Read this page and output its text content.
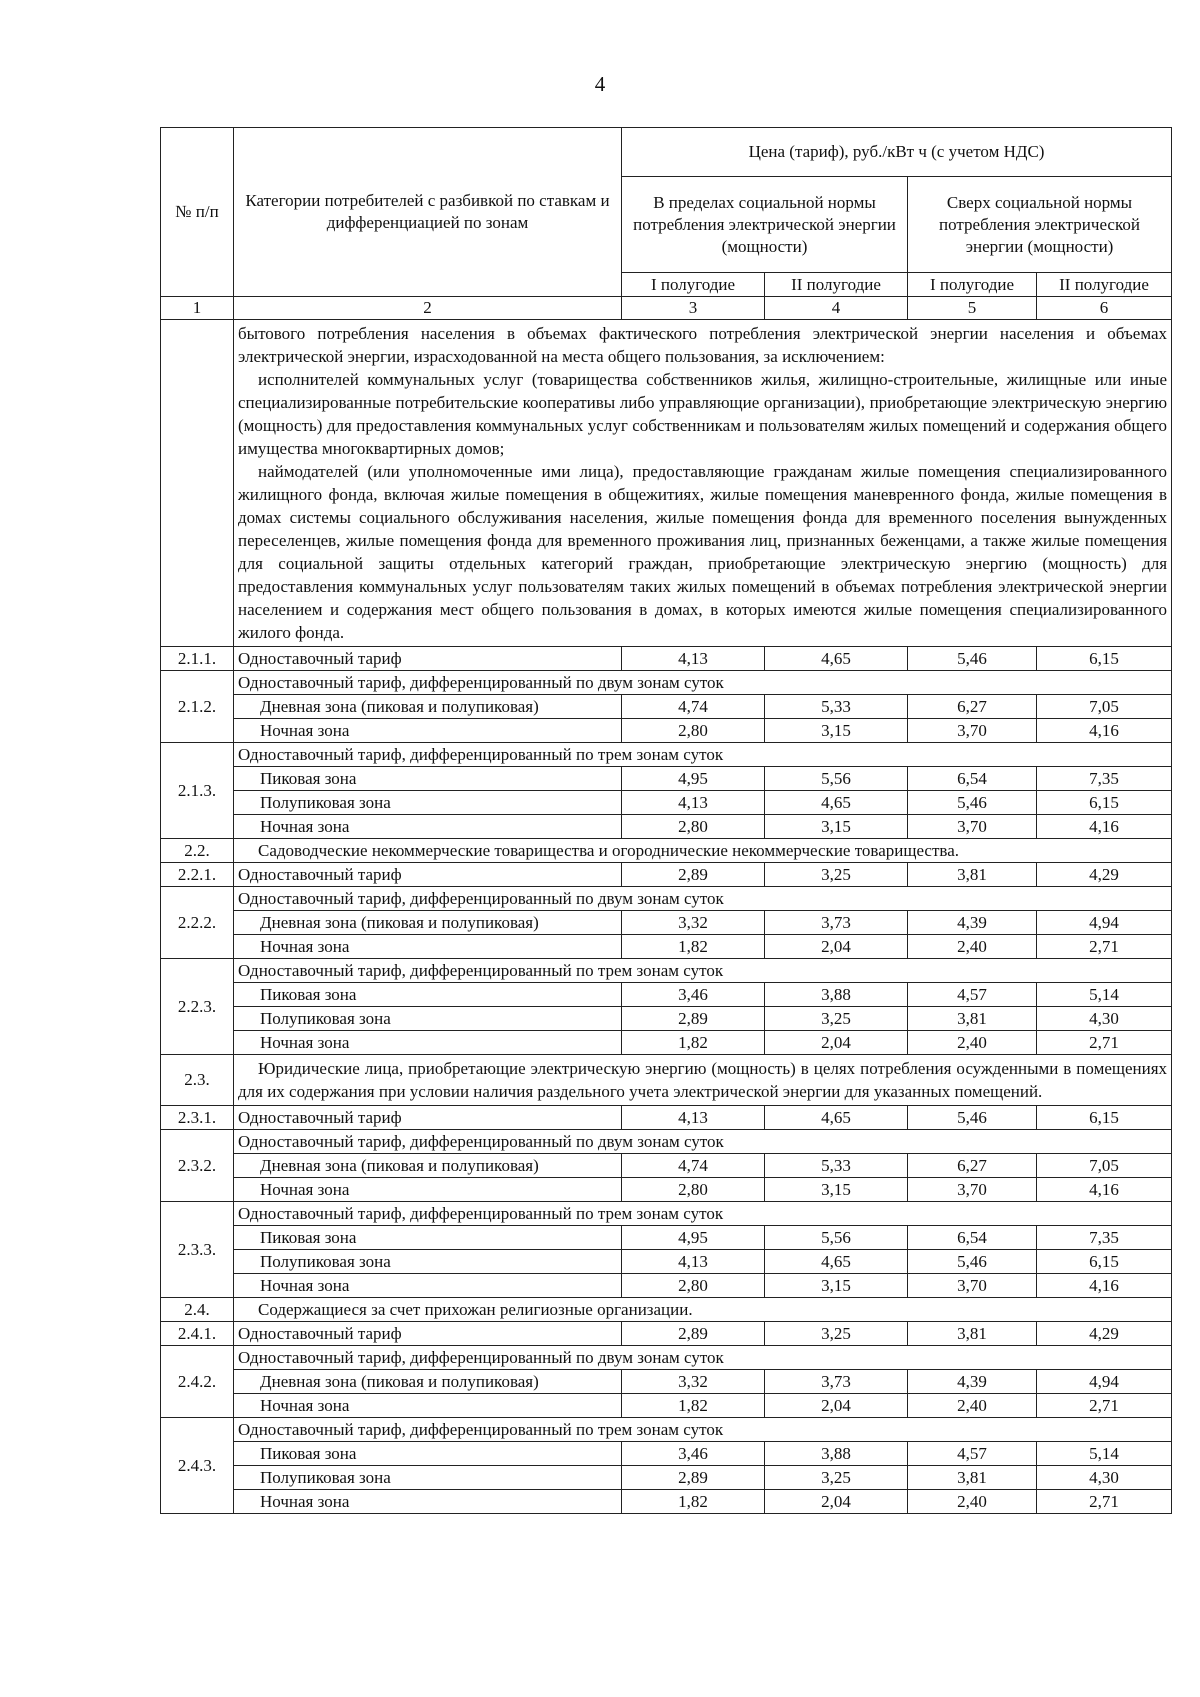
4
№ п/п	Категории потребителей с разбивкой по ставкам и дифференциацией по зонам	Цена (тариф), руб./кВт ч (с учетом НДС)			
		В пределах социальной нормы потребления электрической энергии (мощности)		Сверх социальной нормы потребления электрической энергии (мощности)	
		I полугодие	II полугодие	I полугодие	II полугодие
1	2	3	4	5	6

	бытового потребления населения в объемах фактического потребления электрической энергии населения и объемах электрической энергии, израсходованной на места общего пользования, за исключением:

исполнителей коммунальных услуг (товарищества собственников жилья, жилищно-строительные, жилищные или иные специализированные потребительские кооперативы либо управляющие организации), приобретающие электрическую энергию (мощность) для предоставления коммунальных услуг собственникам и пользователям жилых помещений и содержания общего имущества многоквартирных домов;

наймодателей (или уполномоченные ими лица), предоставляющие гражданам жилые помещения специализированного жилищного фонда, включая жилые помещения в общежитиях, жилые помещения маневренного фонда, жилые помещения в домах системы социального обслуживания населения, жилые помещения фонда для временного поселения вынужденных переселенцев, жилые помещения фонда для временного проживания лиц, признанных беженцами, а также жилые помещения для социальной защиты отдельных категорий граждан, приобретающие электрическую энергию (мощность) для предоставления коммунальных услуг пользователям таких жилых помещений в объемах потребления электрической энергии населением и содержания мест общего пользования в домах, в которых имеются жилые помещения специализированного жилого фонда.				

2.1.1.	Одноставочный тариф	4,13	4,65	5,46	6,15
2.1.2.	Одноставочный тариф, дифференцированный по двум зонам суток				
	Дневная зона (пиковая и полупиковая)	4,74	5,33	6,27	7,05
	Ночная зона	2,80	3,15	3,70	4,16
2.1.3.	Одноставочный тариф, дифференцированный по трем зонам суток				
	Пиковая зона	4,95	5,56	6,54	7,35
	Полупиковая зона	4,13	4,65	5,46	6,15
	Ночная зона	2,80	3,15	3,70	4,16
2.2.	Садоводческие некоммерческие товарищества и огороднические некоммерческие товарищества.				

2.2.1.	Одноставочный тариф	2,89	3,25	3,81	4,29
2.2.2.	Одноставочный тариф, дифференцированный по двум зонам суток				
	Дневная зона (пиковая и полупиковая)	3,32	3,73	4,39	4,94
	Ночная зона	1,82	2,04	2,40	2,71
2.2.3.	Одноставочный тариф, дифференцированный по трем зонам суток				
	Пиковая зона	3,46	3,88	4,57	5,14
	Полупиковая зона	2,89	3,25	3,81	4,30
	Ночная зона	1,82	2,04	2,40	2,71
2.3.	Юридические лица, приобретающие электрическую энергию (мощность) в целях потребления осужденными в помещениях для их содержания при условии наличия раздельного учета электрической энергии для указанных помещений.				

2.3.1.	Одноставочный тариф	4,13	4,65	5,46	6,15
2.3.2.	Одноставочный тариф, дифференцированный по двум зонам суток				
	Дневная зона (пиковая и полупиковая)	4,74	5,33	6,27	7,05
	Ночная зона	2,80	3,15	3,70	4,16
2.3.3.	Одноставочный тариф, дифференцированный по трем зонам суток				
	Пиковая зона	4,95	5,56	6,54	7,35
	Полупиковая зона	4,13	4,65	5,46	6,15
	Ночная зона	2,80	3,15	3,70	4,16
2.4.	Содержащиеся за счет прихожан религиозные организации.				

2.4.1.	Одноставочный тариф	2,89	3,25	3,81	4,29
2.4.2.	Одноставочный тариф, дифференцированный по двум зонам суток				
	Дневная зона (пиковая и полупиковая)	3,32	3,73	4,39	4,94
	Ночная зона	1,82	2,04	2,40	2,71
2.4.3.	Одноставочный тариф, дифференцированный по трем зонам суток				
	Пиковая зона	3,46	3,88	4,57	5,14
	Полупиковая зона	2,89	3,25	3,81	4,30
	Ночная зона	1,82	2,04	2,40	2,71
